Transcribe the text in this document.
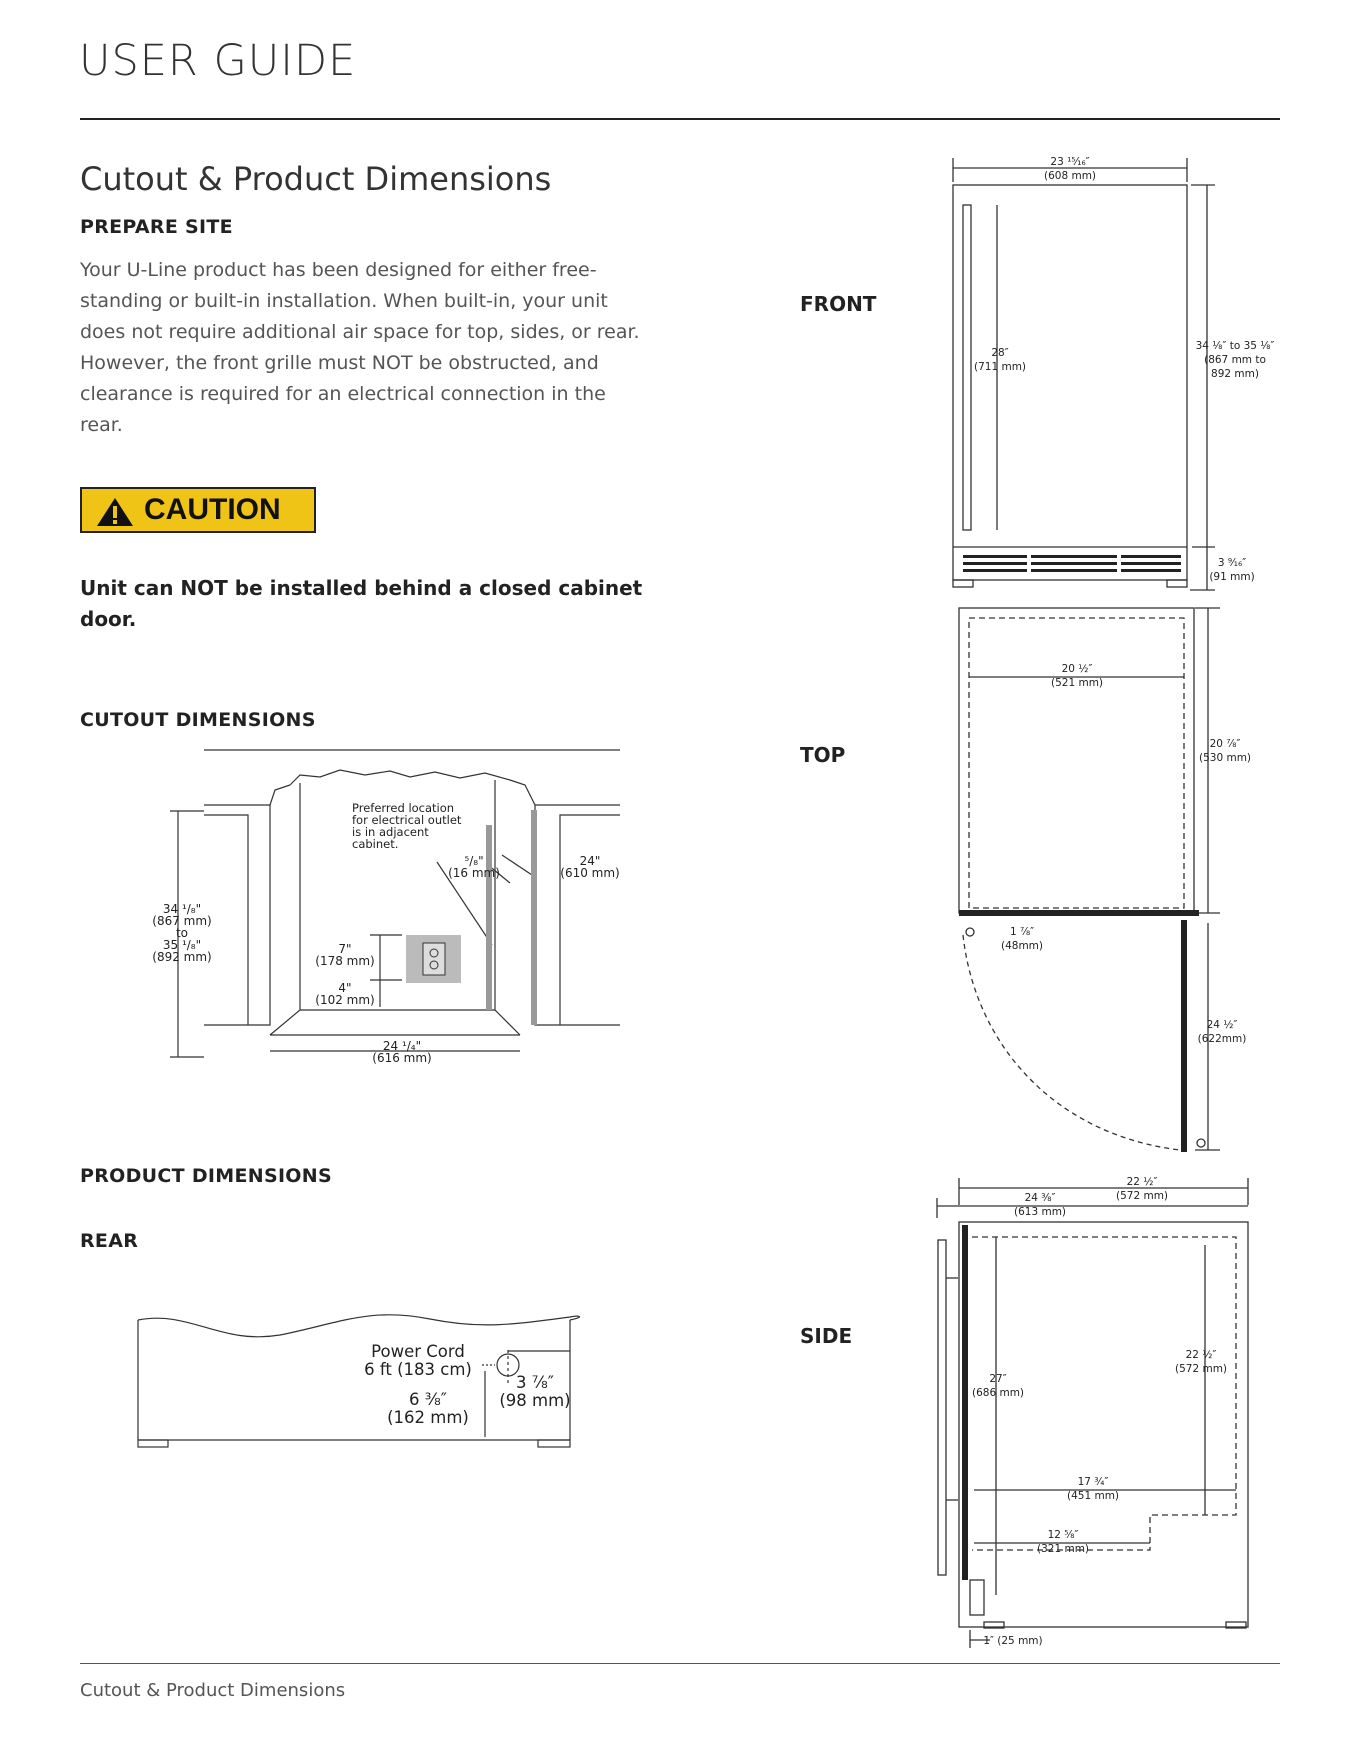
USER GUIDE
Cutout & Product Dimensions
PREPARE SITE
Your U-Line product has been designed for either free-standing or built-in installation. When built-in, your unit does not require additional air space for top, sides, or rear. However, the front grille must NOT be obstructed, and clearance is required for an electrical connection in the rear.
CAUTION
Unit can NOT be installed behind a closed cabinet door.
CUTOUT DIMENSIONS
Preferred location
for electrical outlet
is in adjacent
cabinet.
34 ¹/₈"
(867 mm)
to
35 ¹/₈"
(892 mm)
7"
(178 mm)
4"
(102 mm)
24 ¹/₄"
(616 mm)
24"
(610 mm)
⁵/₈"
(16 mm)
PRODUCT DIMENSIONS
REAR
Power Cord
6 ft (183 cm)
6 ⅜″
(162 mm)
3 ⅞″
(98 mm)
FRONT
TOP
SIDE
23 ¹⁵⁄₁₆″
(608 mm)
28″
(711 mm)
34 ⅛″ to 35 ⅛″
(867 mm to
892 mm)
3 ⁹⁄₁₆″
(91 mm)
20 ½″
(521 mm)
20 ⅞″
(530 mm)
1 ⅞″
(48mm)
24 ½″
(622mm)
24 ⅜″
(613 mm)
22 ½″
(572 mm)
22 ½″
(572 mm)
27″
(686 mm)
17 ¾″
(451 mm)
12 ⅝″
(321 mm)
1″ (25 mm)
Cutout & Product Dimensions
